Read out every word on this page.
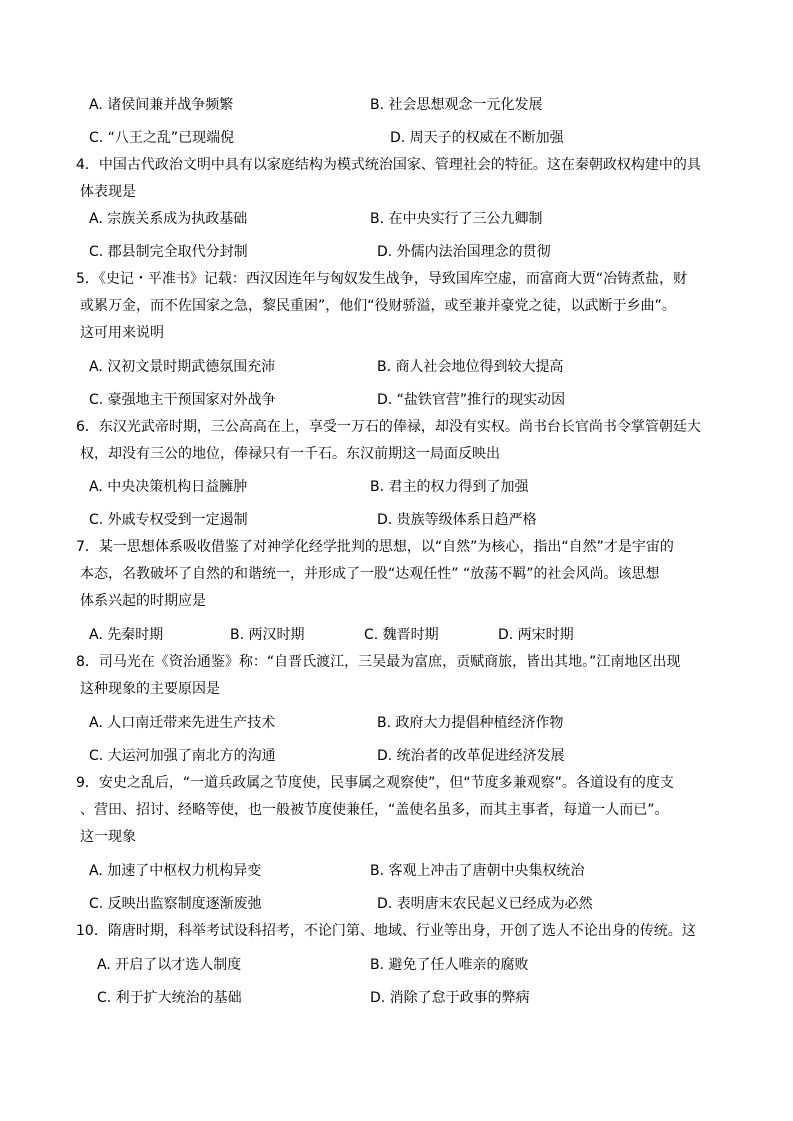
A. 诸侯间兼并战争频繁	B. 社会思想观念一元化发展
C. “八王之乱”已现端倪	D. 周天子的权威在不断加强
4．中国古代政治文明中具有以家庭结构为模式统治国家、管理社会的特征。这在秦朝政权构建中的具
体表现是
A. 宗族关系成为执政基础	B. 在中央实行了三公九卿制
C. 郡县制完全取代分封制	D. 外儒内法治国理念的贯彻
5．《史记・平准书》记载：西汉因连年与匈奴发生战争，导致国库空虚，而富商大贾“冶铸煮盐，财
或累万金，而不佐国家之急，黎民重困”，他们“役财骄溢，或至兼并豪党之徒，以武断于乡曲”。
这可用来说明
A. 汉初文景时期武德氛围充沛	B. 商人社会地位得到较大提高
C. 豪强地主干预国家对外战争	D. “盐铁官营”推行的现实动因
6．东汉光武帝时期，三公高高在上，享受一万石的俸禄，却没有实权。尚书台长官尚书令掌管朝廷大
权，却没有三公的地位，俸禄只有一千石。东汉前期这一局面反映出
A. 中央决策机构日益臃肿	B. 君主的权力得到了加强
C. 外戚专权受到一定遏制	D. 贵族等级体系日趋严格
7．某一思想体系吸收借鉴了对神学化经学批判的思想，以“自然”为核心，指出“自然”才是宇宙的
本态，名教破坏了自然的和谐统一，并形成了一股“达观任性” “放荡不羁”的社会风尚。该思想
体系兴起的时期应是
A. 先秦时期	B. 两汉时期	C. 魏晋时期	D. 两宋时期
8．司马光在《资治通鉴》称：“自晋氏渡江，三吴最为富庶，贡赋商旅，皆出其地。”江南地区出现
这种现象的主要原因是
A. 人口南迁带来先进生产技术	B. 政府大力提倡种植经济作物
C. 大运河加强了南北方的沟通	D. 统治者的改革促进经济发展
9．安史之乱后，“一道兵政属之节度使，民事属之观察使”，但“节度多兼观察”。各道设有的度支
、营田、招讨、经略等使，也一般被节度使兼任，“盖使名虽多，而其主事者，每道一人而已”。
这一现象
A. 加速了中枢权力机构异变	B. 客观上冲击了唐朝中央集权统治
C. 反映出监察制度逐渐废弛	D. 表明唐末农民起义已经成为必然
10．隋唐时期，科举考试设科招考，不论门第、地域、行业等出身，开创了选人不论出身的传统。这
A. 开启了以才选人制度	B. 避免了任人唯亲的腐败
C. 利于扩大统治的基础	D. 消除了怠于政事的弊病
